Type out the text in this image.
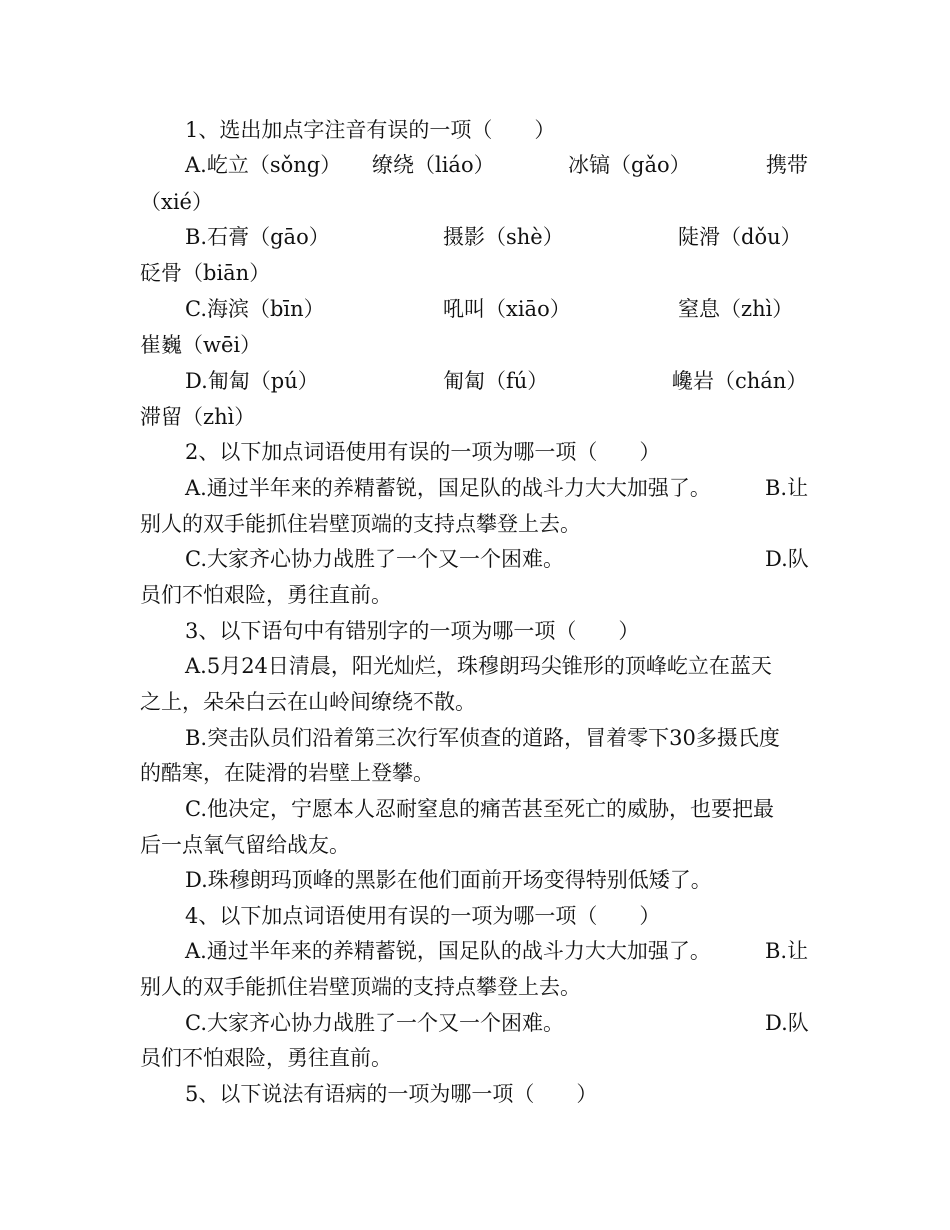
1、选出加点字注音有误的一项（　　）

A.屹立（sǒng） 缭绕（liáo）	冰镐（gǎo）	携带

（xié）

B.石膏（gāo）	摄影（shè）	陡滑（dǒu）

砭骨（biān）

C.海滨（bīn）	吼叫（xiāo）	窒息（zhì）

崔巍（wēi）

D.匍匐（pú）	匍匐（fú）	巉岩（chán）

滞留（zhì）

2、以下加点词语使用有误的一项为哪一项（　　）

A.通过半年来的养精蓄锐，国足队的战斗力大大加强了。	B.让

别人的双手能抓住岩壁顶端的支持点攀登上去。

C.大家齐心协力战胜了一个又一个困难。	D.队

员们不怕艰险，勇往直前。

3、以下语句中有错别字的一项为哪一项（　　）

A.5月24日清晨，阳光灿烂，珠穆朗玛尖锥形的顶峰屹立在蓝天

之上，朵朵白云在山岭间缭绕不散。

B.突击队员们沿着第三次行军侦查的道路，冒着零下30多摄氏度

的酷寒，在陡滑的岩壁上登攀。

C.他决定，宁愿本人忍耐窒息的痛苦甚至死亡的威胁，也要把最

后一点氧气留给战友。

D.珠穆朗玛顶峰的黑影在他们面前开场变得特别低矮了。

4、以下加点词语使用有误的一项为哪一项（　　）

A.通过半年来的养精蓄锐，国足队的战斗力大大加强了。	B.让

别人的双手能抓住岩壁顶端的支持点攀登上去。

C.大家齐心协力战胜了一个又一个困难。	D.队

员们不怕艰险，勇往直前。

5、以下说法有语病的一项为哪一项（　　）
